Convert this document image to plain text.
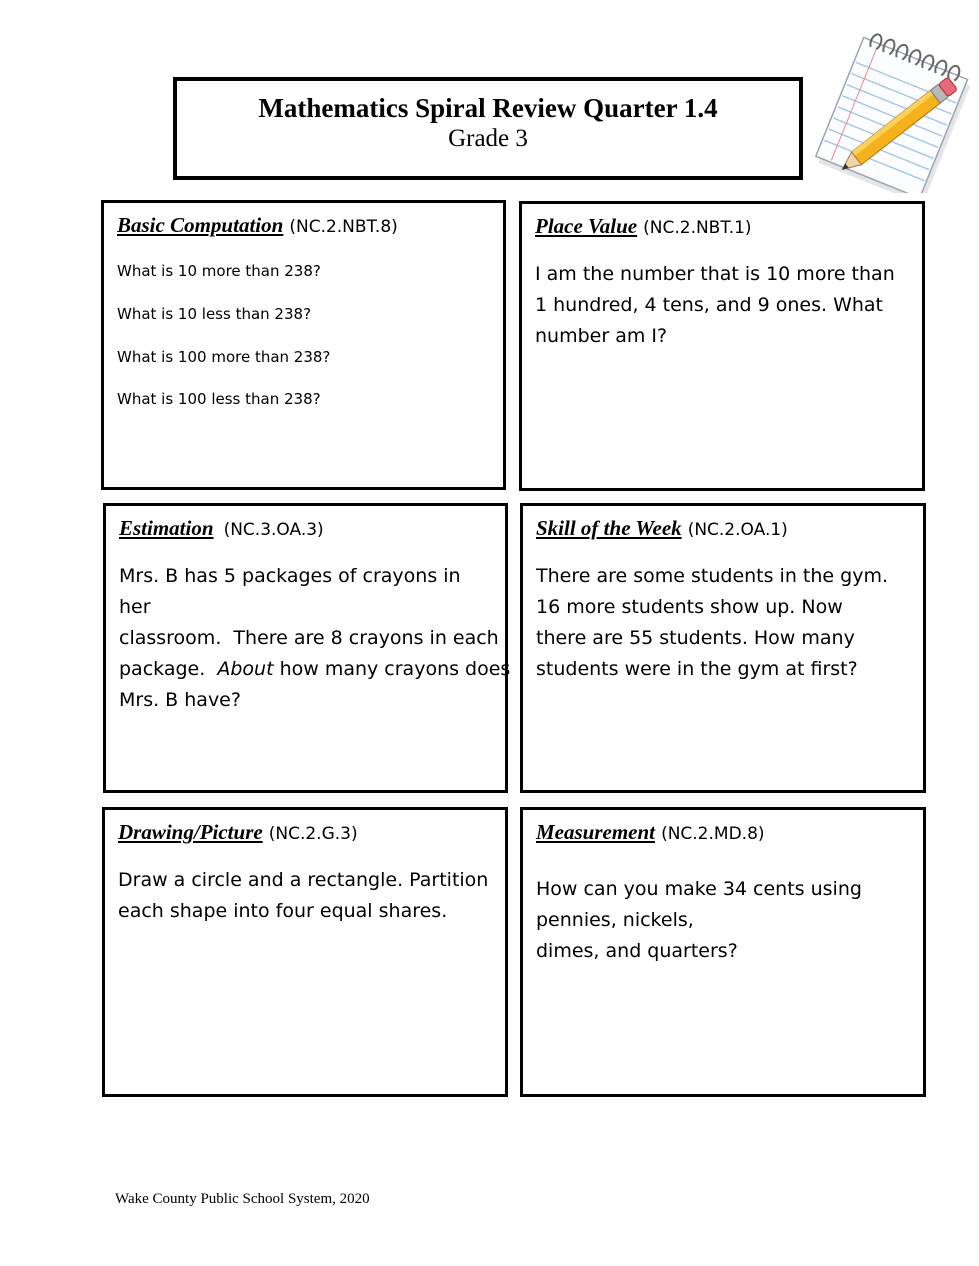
Mathematics Spiral Review Quarter 1.4
Grade 3
Basic Computation (NC.2.NBT.8)

What is 10 more than 238?

What is 10 less than 238?

What is 100 more than 238?

What is 100 less than 238?

Place Value (NC.2.NBT.1)
I am the number that is 10 more than
1 hundred, 4 tens, and 9 ones. What
number am I?
Estimation (NC.3.OA.3)
Mrs. B has 5 packages of crayons in her
classroom.  There are 8 crayons in each
package.  About how many crayons does
Mrs. B have?
Skill of the Week (NC.2.OA.1)
There are some students in the gym.
16 more students show up. Now
there are 55 students. How many
students were in the gym at first?
Drawing/Picture (NC.2.G.3)
Draw a circle and a rectangle. Partition
each shape into four equal shares.
Measurement (NC.2.MD.8)
How can you make 34 cents using
pennies, nickels,
dimes, and quarters?
Wake County Public School System, 2020
